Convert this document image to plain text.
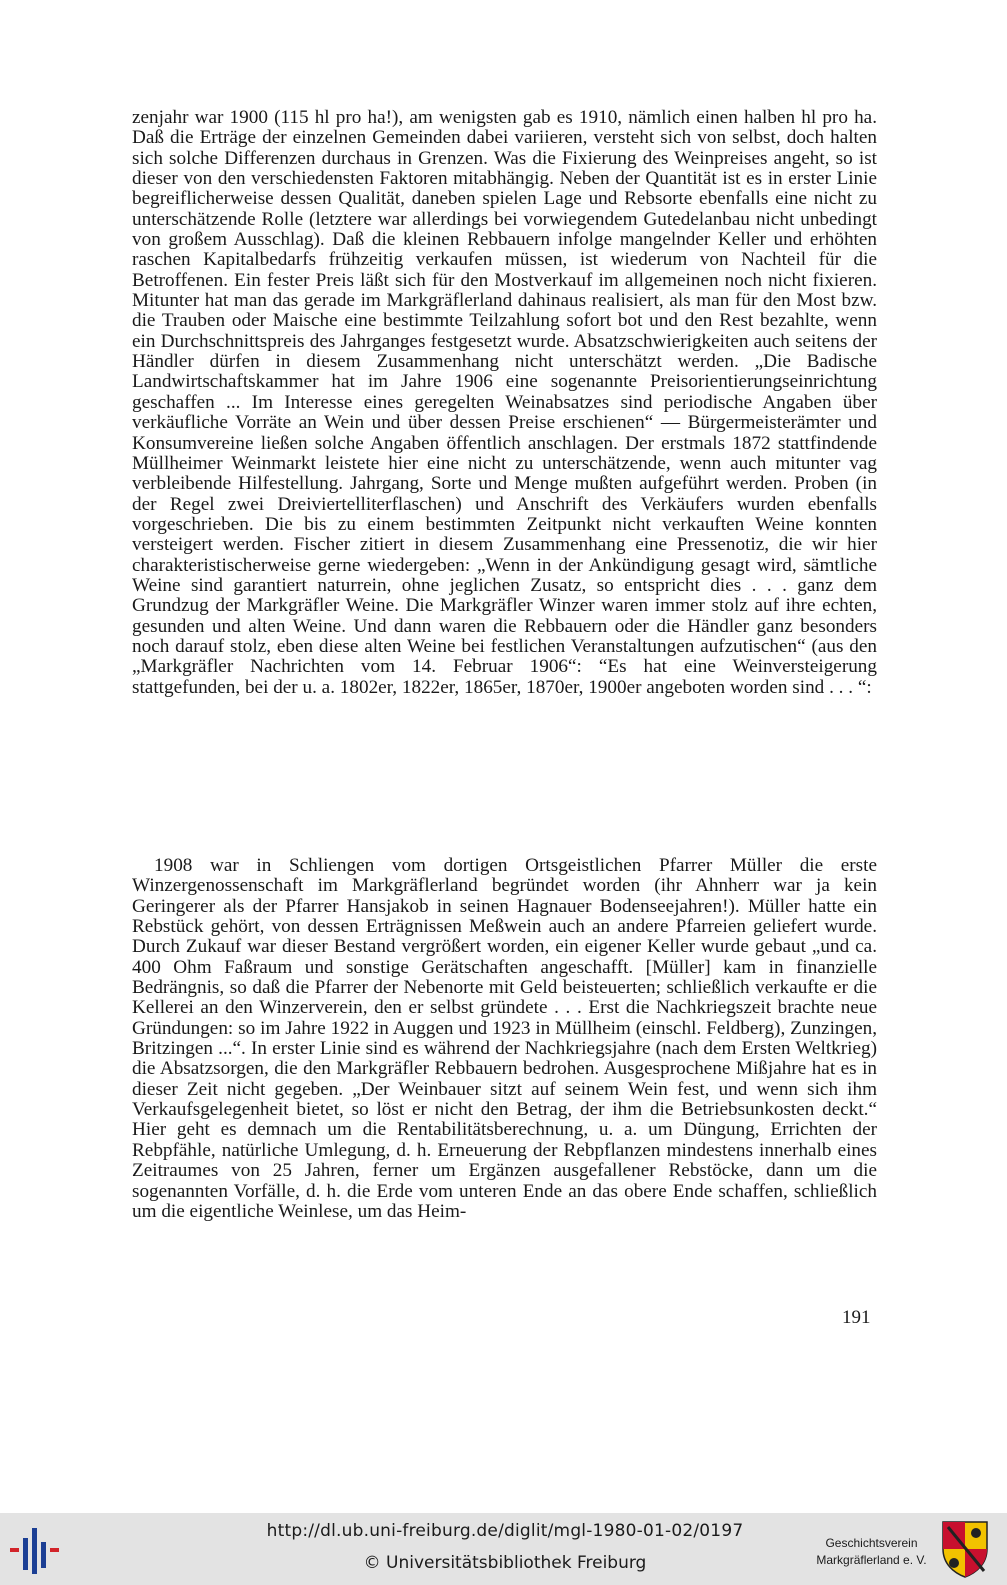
zenjahr war 1900 (115 hl pro ha!), am wenigsten gab es 1910, nämlich einen halben hl pro ha. Daß die Erträge der einzelnen Gemeinden dabei variieren, versteht sich von selbst, doch halten sich solche Differenzen durchaus in Grenzen. Was die Fixierung des Weinpreises angeht, so ist dieser von den verschiedensten Faktoren mitabhängig. Neben der Quantität ist es in erster Linie begreiflicherweise dessen Qualität, daneben spielen Lage und Rebsorte ebenfalls eine nicht zu unterschätzende Rolle (letztere war allerdings bei vorwiegendem Gutedelanbau nicht unbedingt von großem Ausschlag). Daß die kleinen Rebbauern infolge mangelnder Keller und erhöhten raschen Kapitalbedarfs frühzeitig verkaufen müssen, ist wiederum von Nachteil für die Betroffenen. Ein fester Preis läßt sich für den Mostverkauf im allgemeinen noch nicht fixieren. Mitunter hat man das gerade im Markgräflerland dahinaus realisiert, als man für den Most bzw. die Trauben oder Maische eine bestimmte Teilzahlung sofort bot und den Rest bezahlte, wenn ein Durchschnittspreis des Jahrganges festgesetzt wurde. Absatzschwierigkeiten auch seitens der Händler dürfen in diesem Zusammenhang nicht unterschätzt werden. „Die Badische Landwirtschaftskammer hat im Jahre 1906 eine sogenannte Preisorientierungseinrichtung geschaffen ... Im Interesse eines geregelten Weinabsatzes sind periodische Angaben über verkäufliche Vorräte an Wein und über dessen Preise erschienen“ — Bürgermeisterämter und Konsumvereine ließen solche Angaben öffentlich anschlagen. Der erstmals 1872 stattfindende Müllheimer Weinmarkt leistete hier eine nicht zu unterschätzende, wenn auch mitunter vag verbleibende Hilfestellung. Jahrgang, Sorte und Menge mußten aufgeführt werden. Proben (in der Regel zwei Dreiviertelliterflaschen) und Anschrift des Verkäufers wurden ebenfalls vorgeschrieben. Die bis zu einem bestimmten Zeitpunkt nicht verkauften Weine konnten versteigert werden. Fischer zitiert in diesem Zusammenhang eine Pressenotiz, die wir hier charakteristischerweise gerne wiedergeben: „Wenn in der Ankündigung gesagt wird, sämtliche Weine sind garantiert naturrein, ohne jeglichen Zusatz, so entspricht dies . . . ganz dem Grundzug der Markgräfler Weine. Die Markgräfler Winzer waren immer stolz auf ihre echten, gesunden und alten Weine. Und dann waren die Rebbauern oder die Händler ganz besonders noch darauf stolz, eben diese alten Weine bei festlichen Veranstaltungen aufzutischen“ (aus den „Markgräfler Nachrichten vom 14. Februar 1906“: “Es hat eine Weinversteigerung stattgefunden, bei der u. a. 1802er, 1822er, 1865er, 1870er, 1900er angeboten worden sind . . . “:

1908 war in Schliengen vom dortigen Ortsgeistlichen Pfarrer Müller die erste Winzergenossenschaft im Markgräflerland begründet worden (ihr Ahnherr war ja kein Geringerer als der Pfarrer Hansjakob in seinen Hagnauer Bodenseejahren!). Müller hatte ein Rebstück gehört, von dessen Erträgnissen Meßwein auch an andere Pfarreien geliefert wurde. Durch Zukauf war dieser Bestand vergrößert worden, ein eigener Keller wurde gebaut „und ca. 400 Ohm Faßraum und sonstige Gerätschaften angeschafft. [Müller] kam in finanzielle Bedrängnis, so daß die Pfarrer der Nebenorte mit Geld beisteuerten; schließlich verkaufte er die Kellerei an den Winzerverein, den er selbst gründete . . . Erst die Nachkriegszeit brachte neue Gründungen: so im Jahre 1922 in Auggen und 1923 in Müllheim (einschl. Feldberg), Zunzingen, Britzingen ...“. In erster Linie sind es während der Nachkriegsjahre (nach dem Ersten Weltkrieg) die Absatzsorgen, die den Markgräfler Rebbauern bedrohen. Ausgesprochene Mißjahre hat es in dieser Zeit nicht gegeben. „Der Weinbauer sitzt auf seinem Wein fest, und wenn sich ihm Verkaufsgelegenheit bietet, so löst er nicht den Betrag, der ihm die Betriebsunkosten deckt.“ Hier geht es demnach um die Rentabilitätsberechnung, u. a. um Düngung, Errichten der Rebpfähle, natürliche Umlegung, d. h. Erneuerung der Rebpflanzen mindestens innerhalb eines Zeitraumes von 25 Jahren, ferner um Ergänzen ausgefallener Rebstöcke, dann um die sogenannten Vorfälle, d. h. die Erde vom unteren Ende an das obere Ende schaffen, schließlich um die eigentliche Weinlese, um das Heim-

191
http://dl.ub.uni-freiburg.de/diglit/mgl-1980-01-02/0197
© Universitätsbibliothek Freiburg
Geschichtsverein
Markgräflerland e. V.
